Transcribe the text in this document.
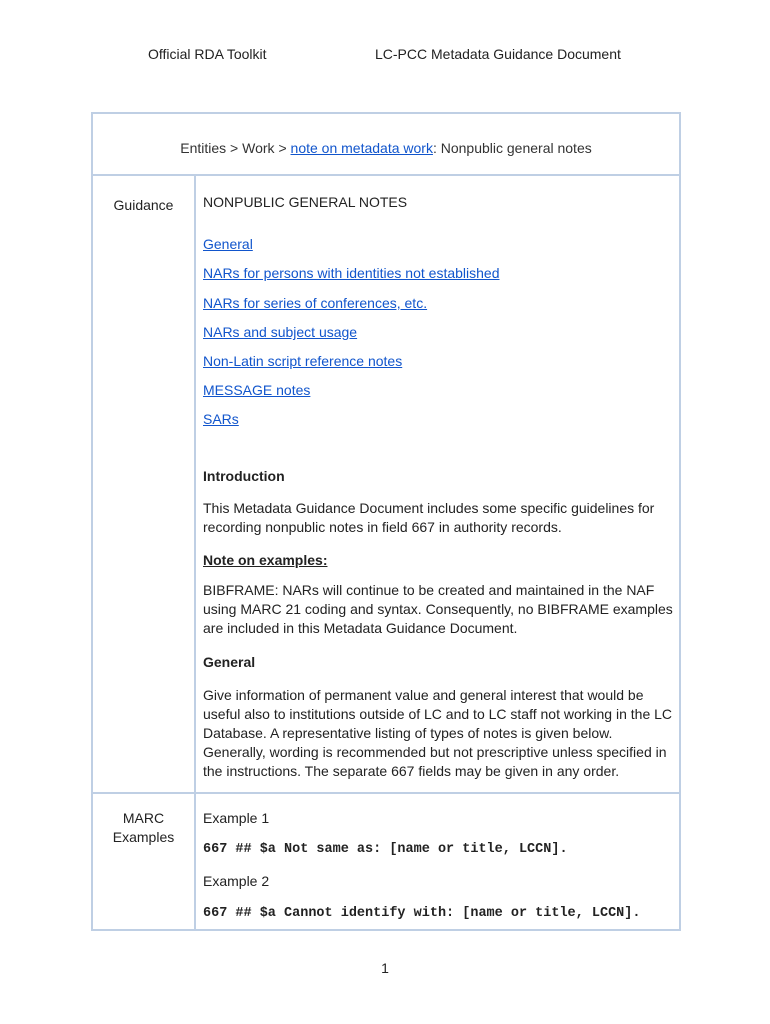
Official RDA Toolkit	LC-PCC Metadata Guidance Document
Entities > Work > note on metadata work: Nonpublic general notes
Guidance	NONPUBLIC GENERAL NOTES
General
NARs for persons with identities not established
NARs for series of conferences, etc.
NARs and subject usage
Non-Latin script reference notes
MESSAGE notes
SARs
Introduction
This Metadata Guidance Document includes some specific guidelines for recording nonpublic notes in field 667 in authority records.
Note on examples:
BIBFRAME: NARs will continue to be created and maintained in the NAF using MARC 21 coding and syntax. Consequently, no BIBFRAME examples are included in this Metadata Guidance Document.
General
Give information of permanent value and general interest that would be useful also to institutions outside of LC and to LC staff not working in the LC Database. A representative listing of types of notes is given below. Generally, wording is recommended but not prescriptive unless specified in the instructions. The separate 667 fields may be given in any order.
MARC
Examples
Example 1
667 ## $a Not same as: [name or title, LCCN].
Example 2
667 ## $a Cannot identify with: [name or title, LCCN].
1
